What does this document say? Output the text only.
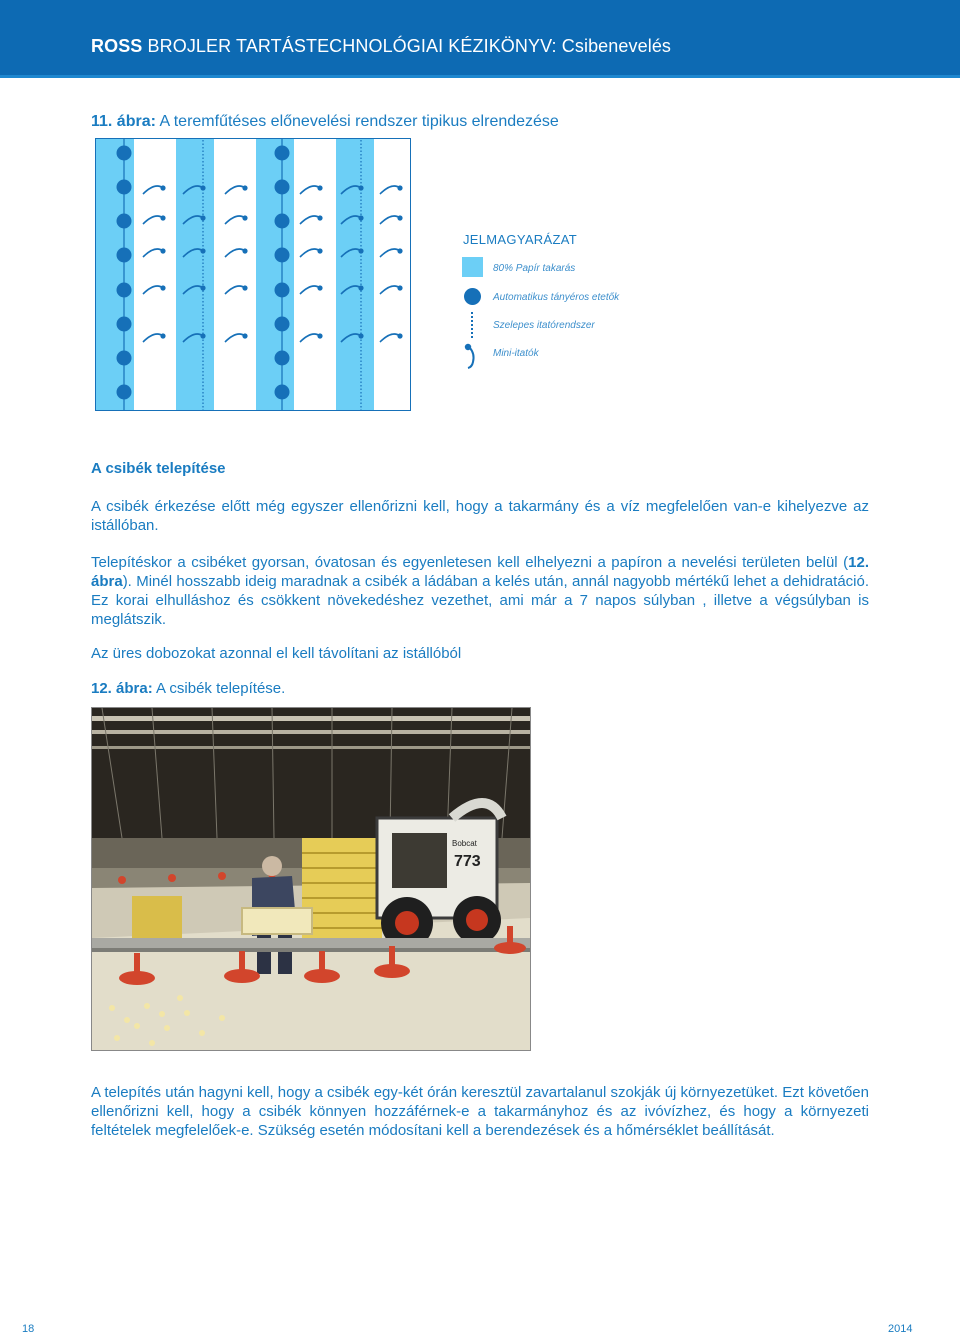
ROSS BROJLER TARTÁSTECHNOLÓGIAI KÉZIKÖNYV: Csibenevelés
11. ábra: A teremfűtéses előnevelési rendszer tipikus elrendezése
JELMAGYARÁZAT
80% Papír takarás
Automatikus tányéros etetők
Szelepes itatórendszer
Mini-itatók
A csibék telepítése
A csibék érkezése előtt még egyszer ellenőrizni kell, hogy a takarmány és a víz megfelelően van-e kihelyezve az istállóban.
Telepítéskor a csibéket gyorsan, óvatosan és egyenletesen kell elhelyezni a papíron a nevelési területen belül (12. ábra). Minél hosszabb ideig maradnak a csibék a ládában a kelés után, annál nagyobb mértékű lehet a dehidratáció. Ez korai elhulláshoz és csökkent növekedéshez vezethet, ami már a 7 napos súlyban , illetve a végsúlyban is meglátszik.
Az üres dobozokat azonnal el kell távolítani az istállóból
12. ábra: A csibék telepítése.
773
Bobcat
A telepítés után hagyni kell, hogy a csibék egy-két órán keresztül zavartalanul szokják új környezetüket. Ezt követően ellenőrizni kell, hogy a csibék könnyen hozzáférnek-e a takarmányhoz és az ivóvízhez, és hogy a környezeti feltételek megfelelőek-e. Szükség esetén módosítani kell a berendezések és a hőmérséklet beállítását.
18	2014
